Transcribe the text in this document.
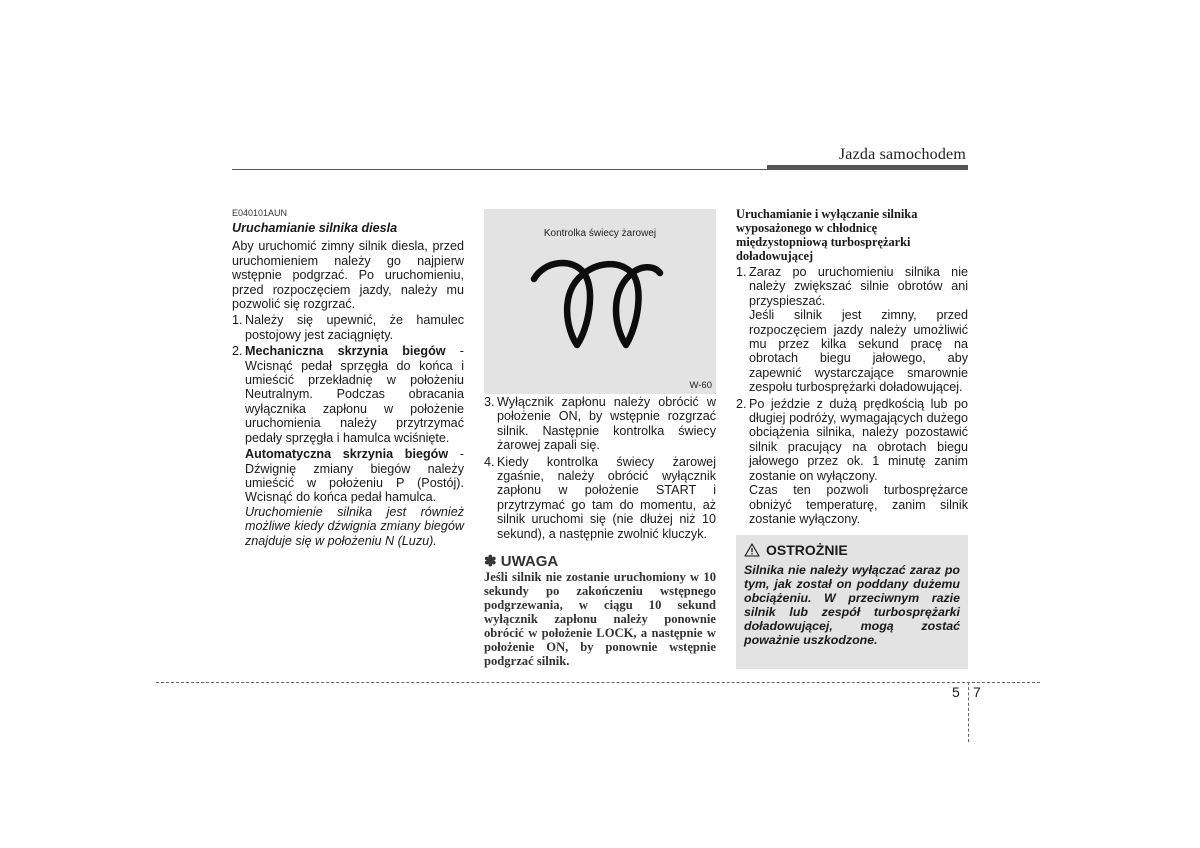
Jazda samochodem
E040101AUN
Uruchamianie silnika diesla

Aby uruchomić zimny silnik diesla, przed uruchomieniem należy go najpierw wstępnie podgrzać. Po uruchomieniu, przed rozpoczęciem jazdy, należy mu pozwolić się rozgrzać.

1. Należy się upewnić, że hamulec postojowy jest zaciągnięty.
2. Mechaniczna skrzynia biegów - Wcisnąć pedał sprzęgła do końca i umieścić przekładnię w położeniu Neutralnym. Podczas obracania wyłącznika zapłonu w położenie uruchomienia należy przytrzymać pedały sprzęgła i hamulca wciśnięte.
Automatyczna skrzynia biegów - Dźwignię zmiany biegów należy umieścić w położeniu P (Postój). Wcisnąć do końca pedał hamulca.
Uruchomienie silnika jest również możliwe kiedy dźwignia zmiany biegów znajduje się w położeniu N (Luzu).
Kontrolka świecy żarowej
W-60
3. Wyłącznik zapłonu należy obrócić w położenie ON, by wstępnie rozgrzać silnik. Następnie kontrolka świecy żarowej zapali się.
4. Kiedy kontrolka świecy żarowej zgaśnie, należy obrócić wyłącznik zapłonu w położenie START i przytrzymać go tam do momentu, aż silnik uruchomi się (nie dłużej niż 10 sekund), a następnie zwolnić kluczyk.
✽ UWAGA
Jeśli silnik nie zostanie uruchomiony w 10 sekundy po zakończeniu wstępnego podgrzewania, w ciągu 10 sekund wyłącznik zapłonu należy ponownie obrócić w położenie LOCK, a następnie w położenie ON, by ponownie wstępnie podgrzać silnik.
Uruchamianie i wyłączanie silnika wyposażonego w chłodnicę międzystopniową turbosprężarki doładowującej
1. Zaraz po uruchomieniu silnika nie należy zwiększać silnie obrotów ani przyspieszać.
Jeśli silnik jest zimny, przed rozpoczęciem jazdy należy umożliwić mu przez kilka sekund pracę na obrotach biegu jałowego, aby zapewnić wystarczające smarownie zespołu turbosprężarki doładowującej.
2. Po jeździe z dużą prędkością lub po długiej podróży, wymagających dużego obciążenia silnika, należy pozostawić silnik pracujący na obrotach biegu jałowego przez ok. 1 minutę zanim zostanie on wyłączony.
Czas ten pozwoli turbosprężarce obniżyć temperaturę, zanim silnik zostanie wyłączony.
OSTROŻNIE
Silnika nie należy wyłączać zaraz po tym, jak został on poddany dużemu obciążeniu. W przeciwnym razie silnik lub zespół turbosprężarki doładowującej, mogą zostać poważnie uszkodzone.
5 7
